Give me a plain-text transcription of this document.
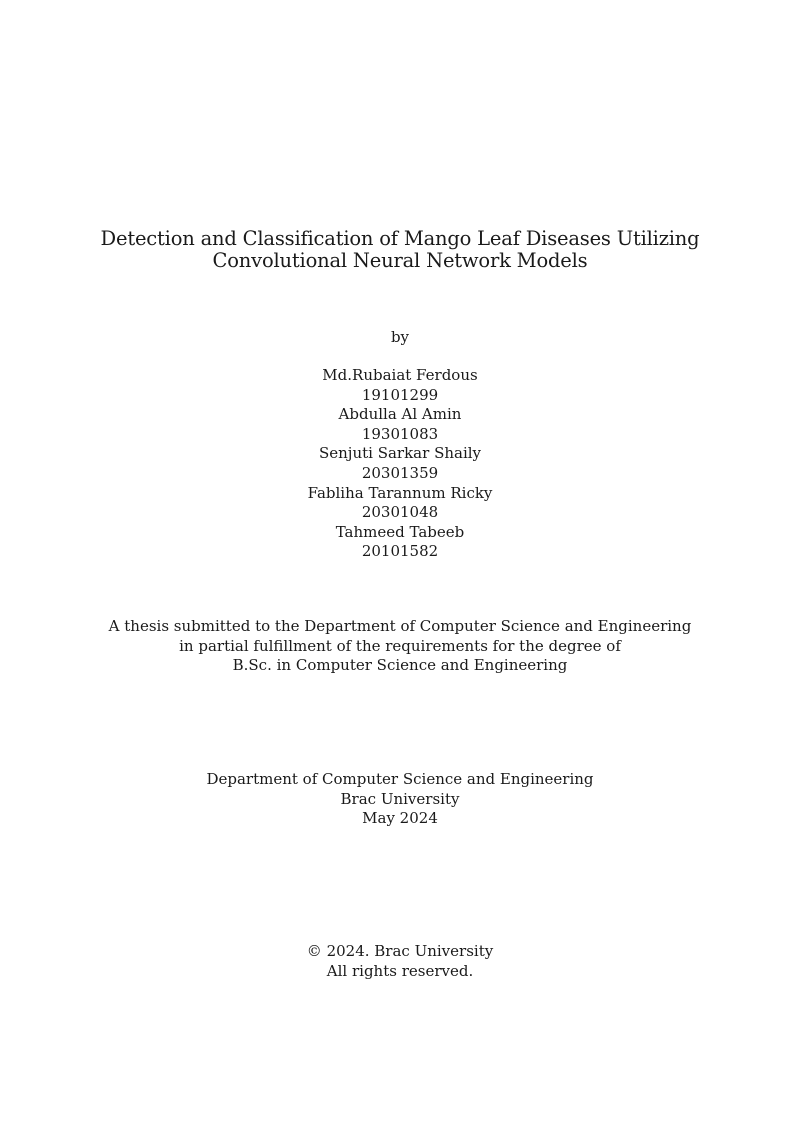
Detection and Classification of Mango Leaf Diseases Utilizing
Convolutional Neural Network Models
by
Md.Rubaiat Ferdous
19101299
Abdulla Al Amin
19301083
Senjuti Sarkar Shaily
20301359
Fabliha Tarannum Ricky
20301048
Tahmeed Tabeeb
20101582
A thesis submitted to the Department of Computer Science and Engineering
in partial fulfillment of the requirements for the degree of
B.Sc. in Computer Science and Engineering
Department of Computer Science and Engineering
Brac University
May 2024
© 2024. Brac University
All rights reserved.
